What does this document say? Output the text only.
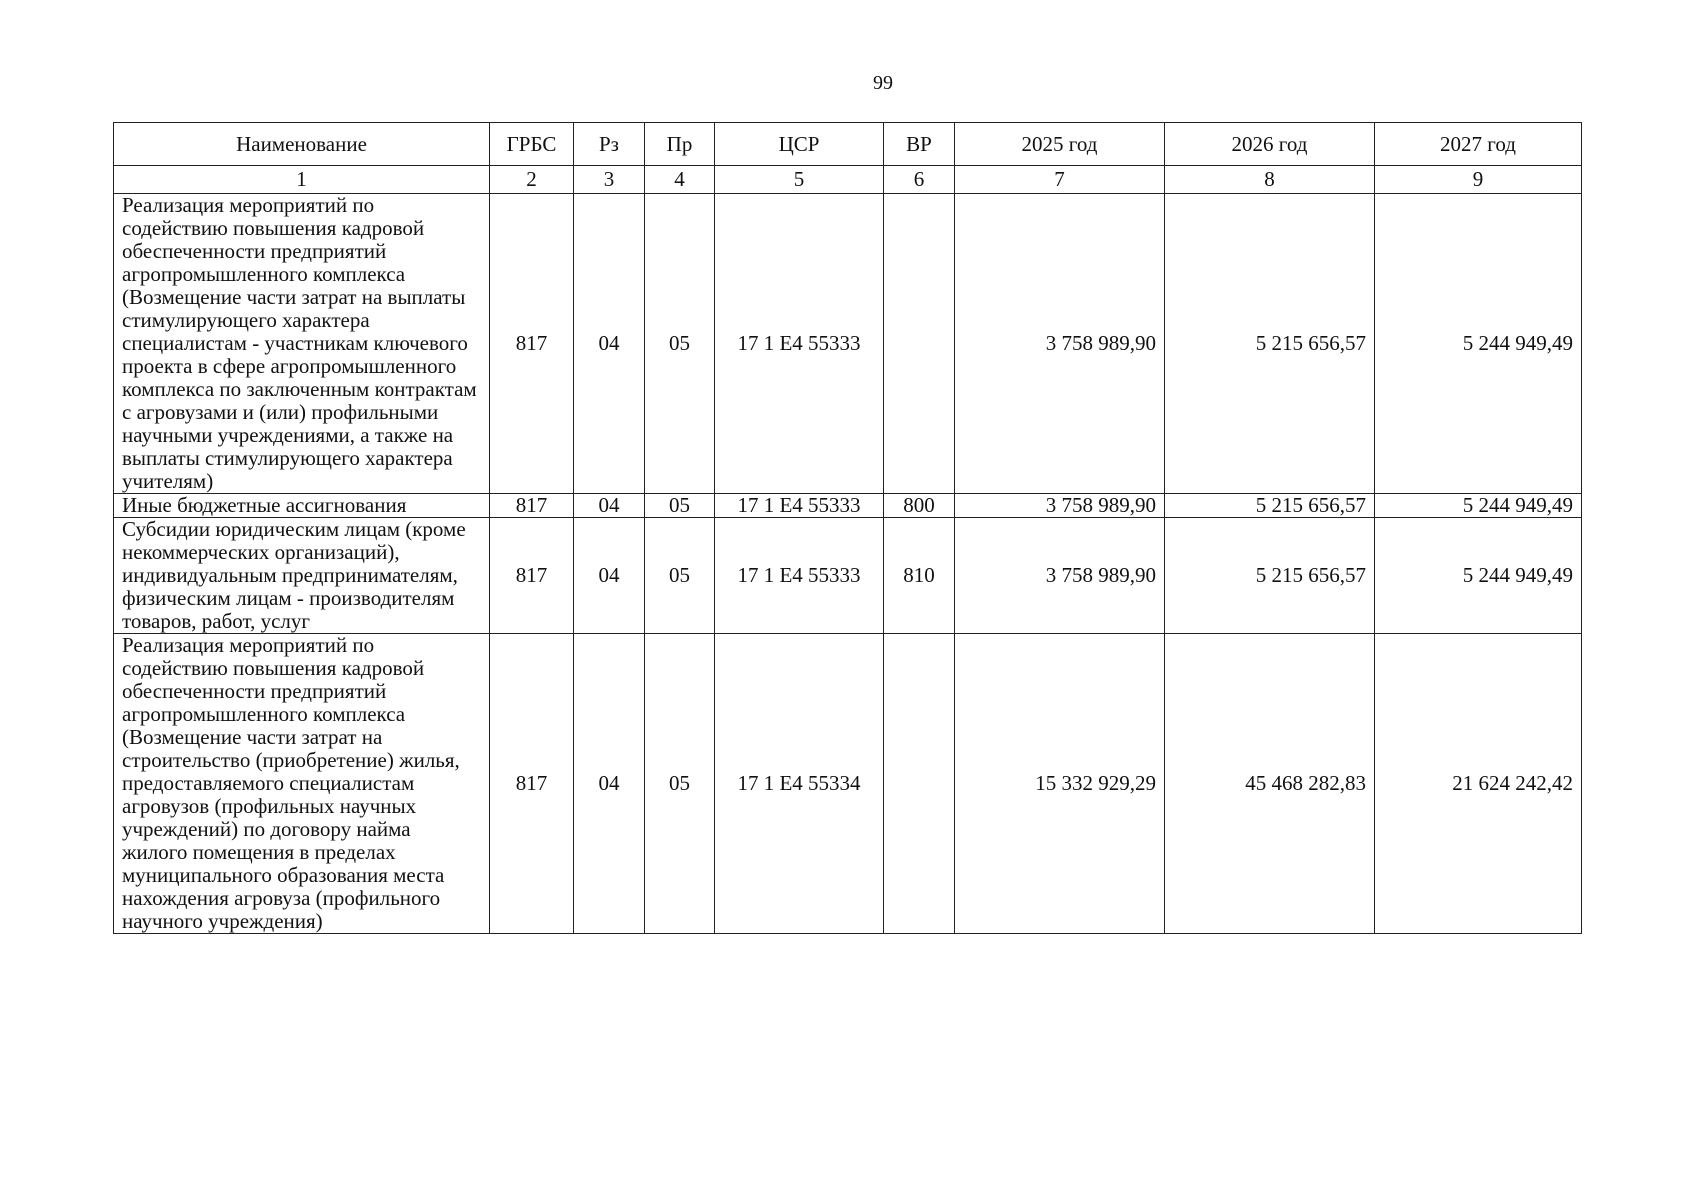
99
Наименование	ГРБС	Рз	Пр	ЦСР	ВР	2025 год	2026 год	2027 год
1	2	3	4	5	6	7	8	9
Реализация мероприятий по содействию повышения кадровой обеспеченности предприятий агропромышленного комплекса (Возмещение части затрат на выплаты стимулирующего характера специалистам - участникам ключевого проекта в сфере агропромышленного комплекса по заключенным контрактам с агровузами и (или) профильными научными учреждениями, а также на выплаты стимулирующего характера учителям)	817	04	05	17 1 Е4 55333		3 758 989,90	5 215 656,57	5 244 949,49
Иные бюджетные ассигнования	817	04	05	17 1 Е4 55333	800	3 758 989,90	5 215 656,57	5 244 949,49
Субсидии юридическим лицам (кроме некоммерческих организаций), индивидуальным предпринимателям, физическим лицам - производителям товаров, работ, услуг	817	04	05	17 1 Е4 55333	810	3 758 989,90	5 215 656,57	5 244 949,49
Реализация мероприятий по содействию повышения кадровой обеспеченности предприятий агропромышленного комплекса (Возмещение части затрат на строительство (приобретение) жилья, предоставляемого специалистам агровузов (профильных научных учреждений) по договору найма жилого помещения в пределах муниципального образования места нахождения агровуза (профильного научного учреждения)	817	04	05	17 1 Е4 55334		15 332 929,29	45 468 282,83	21 624 242,42
